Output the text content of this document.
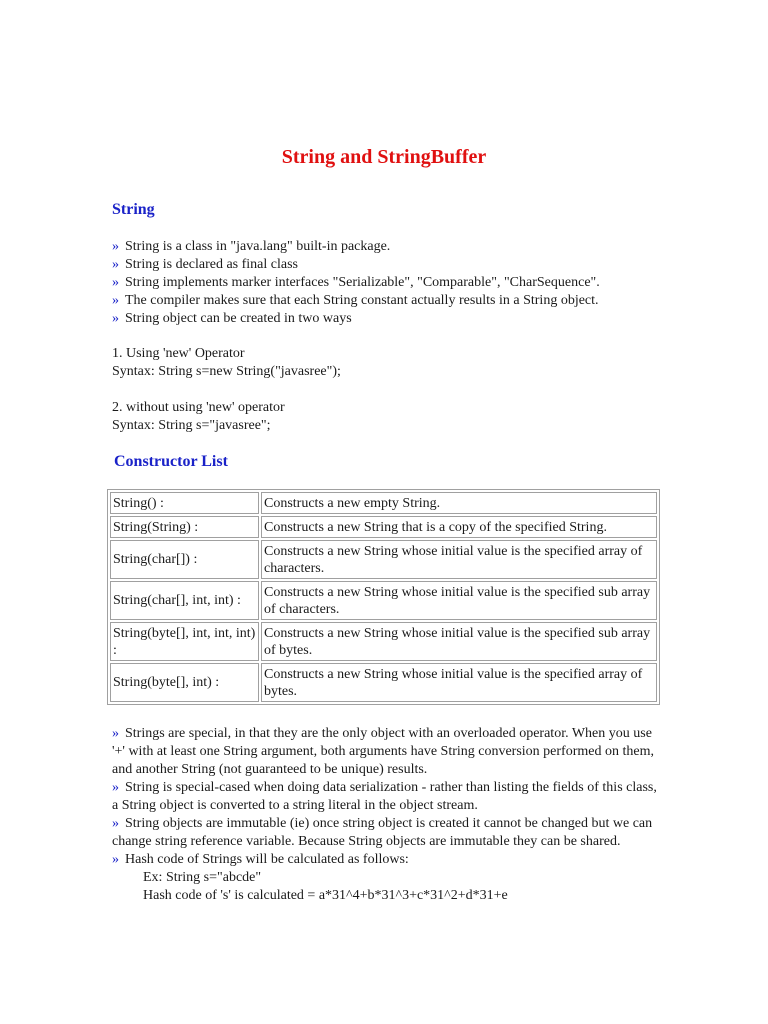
String and StringBuffer
String
» String is a class in "java.lang" built-in package.
» String is declared as final class
» String implements marker interfaces "Serializable", "Comparable", "CharSequence".
» The compiler makes sure that each String constant actually results in a String object.
» String object can be created in two ways
1. Using 'new' Operator
Syntax: String s=new String("javasree");
2. without using 'new' operator
Syntax: String s="javasree";
Constructor List
String() :	Constructs a new empty String.
String(String) :	Constructs a new String that is a copy of the specified String.
String(char[]) :	Constructs a new String whose initial value is the specified array of characters.
String(char[], int, int) :	Constructs a new String whose initial value is the specified sub array of characters.
String(byte[], int, int, int) :	Constructs a new String whose initial value is the specified sub array of bytes.
String(byte[], int) :	Constructs a new String whose initial value is the specified array of bytes.

» Strings are special, in that they are the only object with an overloaded operator. When you use '+' with at least one String argument, both arguments have String conversion performed on them, and another String (not guaranteed to be unique) results.

» String is special-cased when doing data serialization - rather than listing the fields of this class, a String object is converted to a string literal in the object stream.

» String objects are immutable (ie) once string object is created it cannot be changed but we can change string reference variable. Because String objects are immutable they can be shared.

» Hash code of Strings will be calculated as follows:

Ex: String s="abcde"
Hash code of 's' is calculated = a*31^4+b*31^3+c*31^2+d*31+e
